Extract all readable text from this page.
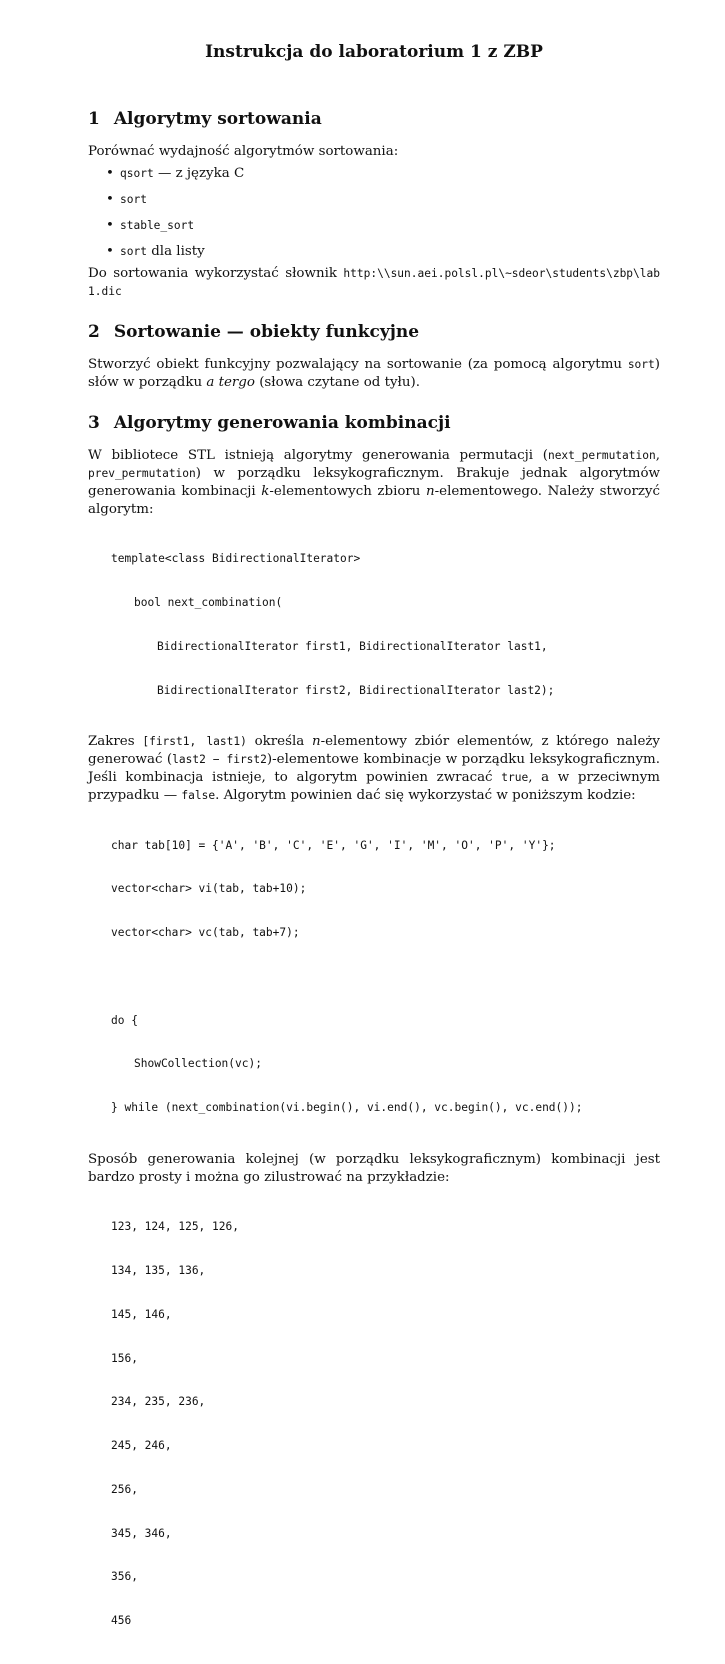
Instrukcja do laboratorium 1 z ZBP
1 Algorytmy sortowania

Porównać wydajność algorytmów sortowania:

• qsort — z języka C
• sort
• stable_sort
• sort dla listy

Do sortowania wykorzystać słownik http:\\sun.aei.polsl.pl\~sdeor\students\zbp\lab1.dic

2 Sortowanie — obiekty funkcyjne

Stworzyć obiekt funkcyjny pozwalający na sortowanie (za pomocą algorytmu sort) słów w porządku a tergo (słowa czytane od tyłu).

3 Algorytmy generowania kombinacji

W bibliotece STL istnieją algorytmy generowania permutacji (next_permutation, prev_permutation) w porządku leksykograficznym. Brakuje jednak algorytmów generowania kombinacji k-elementowych zbioru n-elementowego. Należy stworzyć algorytm:

template<class BidirectionalIterator>

bool next_combination(

BidirectionalIterator first1, BidirectionalIterator last1,

BidirectionalIterator first2, BidirectionalIterator last2);

Zakres [first1, last1) określa n-elementowy zbiór elementów, z którego należy generować (last2 − first2)-elementowe kombinacje w porządku leksykograficznym. Jeśli kombinacja istnieje, to algorytm powinien zwracać true, a w przeciwnym przypadku — false. Algorytm powinien dać się wykorzystać w poniższym kodzie:

char tab[10] = {'A', 'B', 'C', 'E', 'G', 'I', 'M', 'O', 'P', 'Y'};

vector<char> vi(tab, tab+10);

vector<char> vc(tab, tab+7);

do {

ShowCollection(vc);

} while (next_combination(vi.begin(), vi.end(), vc.begin(), vc.end());

Sposób generowania kolejnej (w porządku leksykograficznym) kombinacji jest bardzo prosty i można go zilustrować na przykładzie:

123, 124, 125, 126,

134, 135, 136,

145, 146,

156,

234, 235, 236,

245, 246,

256,

345, 346,

356,

456
